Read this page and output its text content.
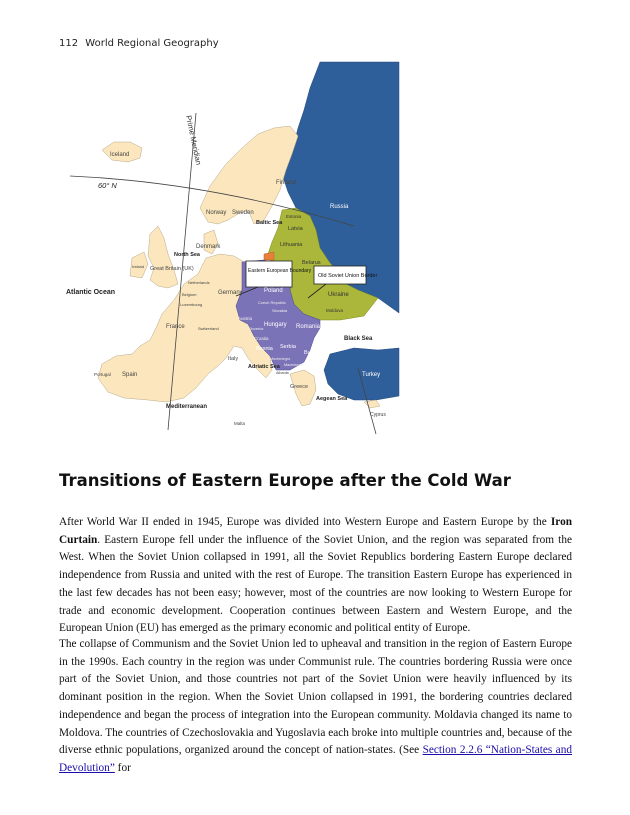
112 World Regional Geography
Prime Meridian
60° N
Iceland
Norway Sweden
Finland
Russia
Estonia
Latvia
Lithuania
Belarus
Ukraine
Moldova
Poland
Germany
Denmark
Netherlands
Belgium
Luxembourg
France	Switzerland
Austria
Czech Republic
Slovakia
Hungary Romania
Slovenia
Croatia
Bosnia Serbia
Montenegro
Macedonia
Albania
Bulgaria
Greece
Turkey
Cyprus
Malta
Italy
Spain
Portugal
Great Britain (UK)
Ireland
Atlantic Ocean
North Sea
Baltic Sea
Black Sea
Adriatic Sea
Aegean Sea
Mediterranean
Eastern European Boundary
Old Soviet Union Border
Transitions of Eastern Europe after the Cold War

After World War II ended in 1945, Europe was divided into Western Europe and Eastern Europe by the Iron Curtain. Eastern Europe fell under the influence of the Soviet Union, and the region was separated from the West. When the Soviet Union collapsed in 1991, all the Soviet Republics bordering Eastern Europe declared independence from Russia and united with the rest of Europe. The transition Eastern Europe has experienced in the last few decades has not been easy; however, most of the countries are now looking to Western Europe for trade and economic development. Cooperation continues between Eastern and Western Europe, and the European Union (EU) has emerged as the primary economic and political entity of Europe.

The collapse of Communism and the Soviet Union led to upheaval and transition in the region of Eastern Europe in the 1990s. Each country in the region was under Communist rule. The countries bordering Russia were once part of the Soviet Union, and those countries not part of the Soviet Union were heavily influenced by its dominant position in the region. When the Soviet Union collapsed in 1991, the bordering countries declared independence and began the process of integration into the European community. Moldavia changed its name to Moldova. The countries of Czechoslovakia and Yugoslavia each broke into multiple countries and, because of the diverse ethnic populations, organized around the concept of nation-states. (See Section 2.2.6 “Nation-States and Devolution” for
